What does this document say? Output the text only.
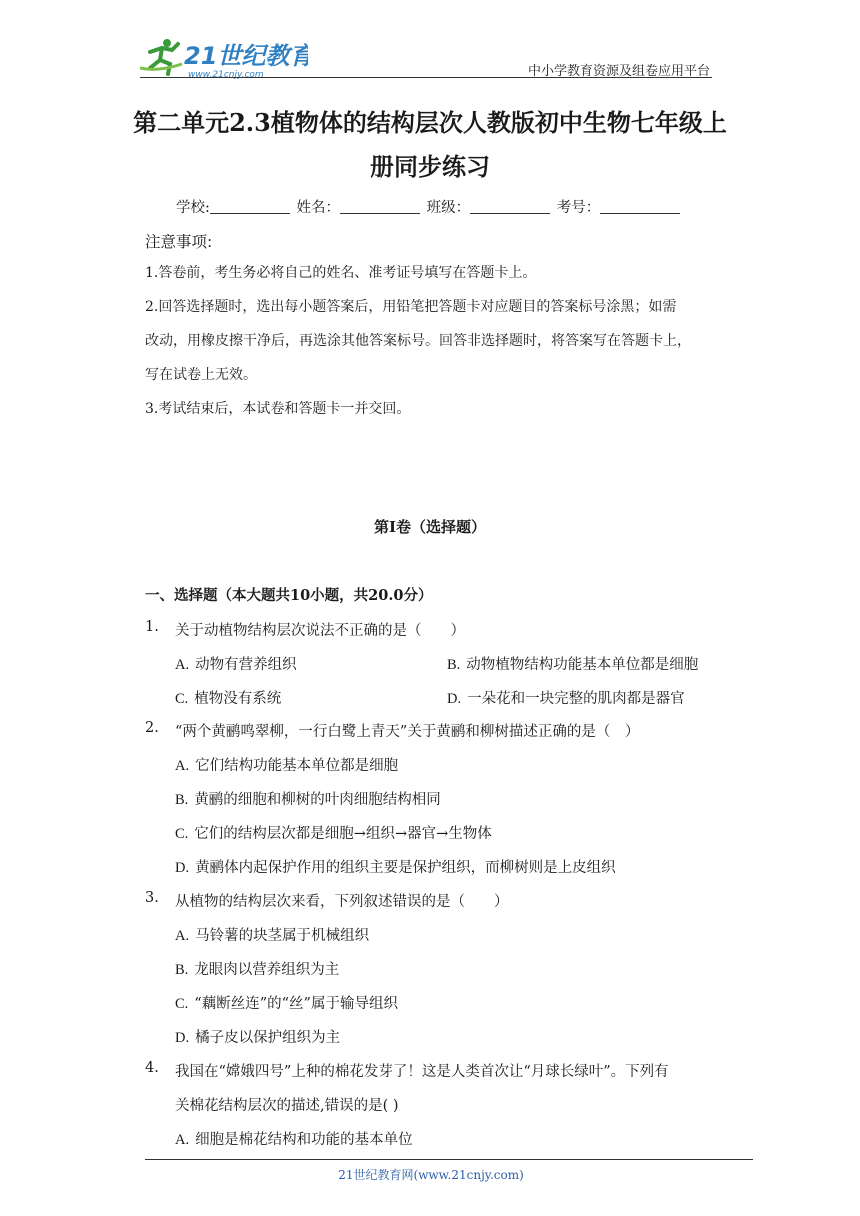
21世纪教育
www.21cnjy.com	中小学教育资源及组卷应用平台
第二单元2.3植物体的结构层次人教版初中生物七年级上
册同步练习
学校:	姓名：	班级：	考号：
注意事项:
1.答卷前，考生务必将自己的姓名、准考证号填写在答题卡上。
2.回答选择题时，选出每小题答案后，用铅笔把答题卡对应题目的答案标号涂黑；如需
改动，用橡皮擦干净后，再选涂其他答案标号。回答非选择题时，将答案写在答题卡上，
写在试卷上无效。
3.考试结束后，本试卷和答题卡一并交回。
第I卷（选择题）
一、选择题（本大题共10小题，共20.0分）
1. 关于动植物结构层次说法不正确的是（　　）
A. 动物有营养组织	B. 动物植物结构功能基本单位都是细胞
C. 植物没有系统	D. 一朵花和一块完整的肌肉都是器官
2. “两个黄鹂鸣翠柳，一行白鹭上青天”关于黄鹂和柳树描述正确的是（　）
A. 它们结构功能基本单位都是细胞
B. 黄鹂的细胞和柳树的叶肉细胞结构相同
C. 它们的结构层次都是细胞→组织→器官→生物体
D. 黄鹂体内起保护作用的组织主要是保护组织，而柳树则是上皮组织
3. 从植物的结构层次来看，下列叙述错误的是（　　）
A. 马铃薯的块茎属于机械组织
B. 龙眼肉以营养组织为主
C. “藕断丝连”的“丝”属于输导组织
D. 橘子皮以保护组织为主
4. 我国在“嫦娥四号”上种的棉花发芽了！这是人类首次让“月球长绿叶”。下列有
关棉花结构层次的描述,错误的是( )
A. 细胞是棉花结构和功能的基本单位
21世纪教育网(www.21cnjy.com)
